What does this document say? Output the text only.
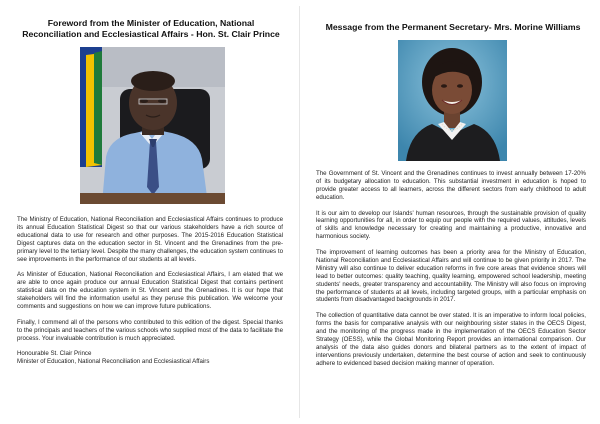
Foreword from the Minister of Education, National Reconciliation and Ecclesiastical Affairs - Hon. St. Clair Prince

The Ministry of Education, National Reconciliation and Ecclesiastical Affairs continues to produce its annual Education Statistical Digest so that our various stakeholders have a rich source of educational data to use for research and other purposes. The 2015-2016 Education Statistical Digest captures data on the education sector in St. Vincent and the Grenadines from the pre-primary level to the tertiary level. Despite the many challenges, the education system continues to see improvements in the performance of our students at all levels.

As Minister of Education, National Reconciliation and Ecclesiastical Affairs, I am elated that we are able to once again produce our annual Education Statistical Digest that contains pertinent statistical data on the education system in St. Vincent and the Grenadines. It is our hope that stakeholders will find the information useful as they peruse this publication. We welcome your comments and suggestions on how we can improve future publications.

Finally, I commend all of the persons who contributed to this edition of the digest. Special thanks to the principals and teachers of the various schools who supplied most of the data to facilitate the process. Your invaluable contribution is much appreciated.

Honourable St. Clair Prince
Minister of Education, National Reconciliation and Ecclesiastical Affairs
Message from the Permanent Secretary- Mrs. Morine Williams

The Government of St. Vincent and the Grenadines continues to invest annually between 17-20% of its budgetary allocation to education. This substantial investment in education is hoped to provide greater access to all learners, across the different sectors from early childhood to adult education.

It is our aim to develop our Islands' human resources, through the sustainable provision of quality learning opportunities for all, in order to equip our people with the required values, attitudes, levels of skills and knowledge necessary for creating and maintaining a productive, innovative and harmonious society.

The improvement of learning outcomes has been a priority area for the Ministry of Education, National Reconciliation and Ecclesiastical Affairs and will continue to be given priority in 2017. The Ministry will also continue to deliver education reforms in five core areas that evidence shows will lead to better outcomes: quality teaching, quality learning, empowered school leadership, meeting students' needs, greater transparency and accountability. The Ministry will also focus on improving the performance of students at all levels, including targeted groups, with a particular emphasis on students from disadvantaged backgrounds in 2017.

The collection of quantitative data cannot be over stated. It is an imperative to inform local policies, forms the basis for comparative analysis with our neighbouring sister states in the OECS Digest, and the monitoring of the progress made in the implementation of the OECS Education Sector Strategy (OESS), while the Global Monitoring Report provides an international comparison. Our analysis of the data also guides donors and bilateral partners as to the extent of impact of interventions previously undertaken, determine the best course of action and seek to continuously adhere to evidenced based decision making manner of operation.
